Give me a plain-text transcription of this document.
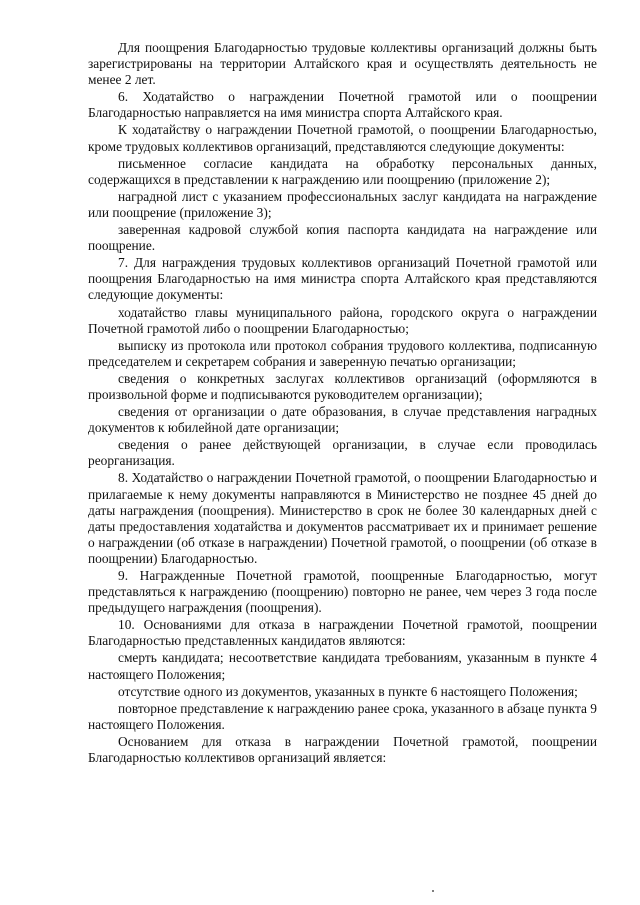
Для поощрения Благодарностью трудовые коллективы организаций должны быть зарегистрированы на территории Алтайского края и осуществлять деятельность не менее 2 лет.

6. Ходатайство о награждении Почетной грамотой или о поощрении Благодарностью направляется на имя министра спорта Алтайского края.

К ходатайству о награждении Почетной грамотой, о поощрении Благодарностью, кроме трудовых коллективов организаций, представляются следующие документы:

письменное согласие кандидата на обработку персональных данных, содержащихся в представлении к награждению или поощрению (приложение 2);

наградной лист с указанием профессиональных заслуг кандидата на награждение или поощрение (приложение 3);

заверенная кадровой службой копия паспорта кандидата на награждение или поощрение.

7. Для награждения трудовых коллективов организаций Почетной грамотой или поощрения Благодарностью на имя министра спорта Алтайского края представляются следующие документы:

ходатайство главы муниципального района, городского округа о награждении Почетной грамотой либо о поощрении Благодарностью;

выписку из протокола или протокол собрания трудового коллектива, подписанную председателем и секретарем собрания и заверенную печатью организации;

сведения о конкретных заслугах коллективов организаций (оформляются в произвольной форме и подписываются руководителем организации);

сведения от организации о дате образования, в случае представления наградных документов к юбилейной дате организации;

сведения о ранее действующей организации, в случае если проводилась реорганизация.

8. Ходатайство о награждении Почетной грамотой, о поощрении Благодарностью и прилагаемые к нему документы направляются в Министерство не позднее 45 дней до даты награждения (поощрения). Министерство в срок не более 30 календарных дней с даты предоставления ходатайства и документов рассматривает их и принимает решение о награждении (об отказе в награждении) Почетной грамотой, о поощрении (об отказе в поощрении) Благодарностью.

9. Награжденные Почетной грамотой, поощренные Благодарностью, могут представляться к награждению (поощрению) повторно не ранее, чем через 3 года после предыдущего награждения (поощрения).

10. Основаниями для отказа в награждении Почетной грамотой, поощрении Благодарностью представленных кандидатов являются:

смерть кандидата; несоответствие кандидата требованиям, указанным в пункте 4 настоящего Положения;

отсутствие одного из документов, указанных в пункте 6 настоящего Положения;

повторное представление к награждению ранее срока, указанного в абзаце пункта 9 настоящего Положения.

Основанием для отказа в награждении Почетной грамотой, поощрении Благодарностью коллективов организаций является:
